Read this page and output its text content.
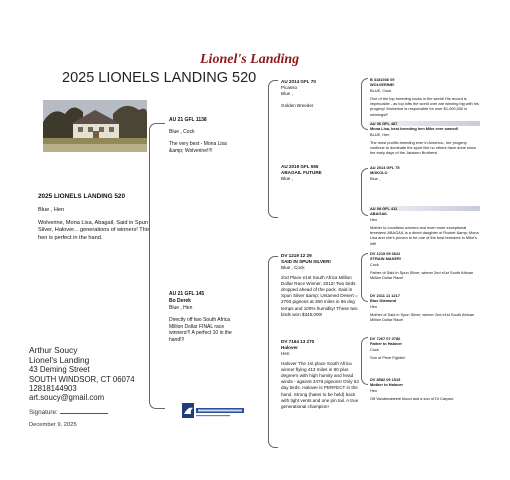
Lionel's Landing
2025 LIONELS LANDING 520
2025 LIONELS LANDING 520
Blue , Hen
Wolverine, Mona Lisa, Abagail, Said in Spun Silver, Halover... generations of winners! This hen is perfect in the hand.
AU 21 GFL 1138
Blue , Cock
The very best - Mona Lisa &amp; Wolverine!!!!
AU 21 GFL 145
Bo Derek
Blue , Hen
Directly off two South Africa Million Dollar FINAL race winners!!! A perfect 10 in the hand!!!
AU 2014 GFL 70
Picasso
Blue ,
Golden Breeder
AU 2019 GFL 555
ABAGAIL FUTURE
Blue ,
DV 1219 12 29
SAID IN SPUN SILVER!
Blue , Cock
2nd Place e1st South Africa Million Dollar Race Winner, 2012! Two birds dropped ahead of the pack. Said in Spun Silver &amp; Untamed Desert = 2793 pigeons at 360 miles in 96 deg temps and 100% humidity! These two birds won $345,000!
DV 7164 13 270
Halover
Hen
Halover The 1st place South Africa winner flying 413 miles in 90 plus degree's with high humity and head winds - against 3478 pigeons! Only 53 day birds. Halover is PERFECT in the hand. Strong (hates to be held) back with tight vents and one pin tail. A true generational champion!
B 3181936 09
WOLVERINE!
BLUE, Cock
One of the top breeding cocks in the world! His record is impeccable - as top lofts the world over are winning big with his progeny! Wolverine is responsible for over $1,000,000 in winnings!!!
AU 06 GFL 487
Mona Lisa, best breeding hen Mike ever owned!
BLUE, Hen
The most prolific breeding ever in America., her progeny continue to dominate the sport like no others have done since the early days of the Janssen Brothers!
AU 2014 GFL 75
MOKOLO
Blue ,
AU 08 GFL 411
ABAGAIL
Hen
Mother to countless winners and even more exceptional breeders! ABAGAIL is a direct daughter of Rocket &amp; Mona Lisa and she's proven to be one of the best breeders in Mike's loft!
DV 1219 05 0622
STRAIN MAKER!
Cock
Father of Said in Spun Silver, winner 2nd e1st South African Million Dollar Race!
DV 2311 11 1217
Blue Diamond
Hen
Mother of Said in Spun Silver, winner 2nd e1st South African Million Dollar Race!
DV 7267 07 0780
Father to Halover
Cock
Son of Prize Fighter!
DV 8582 09 1515
Mother to Halover
Hen
Off Vandenabeele blood and a son of Di Carpaci
Arthur Soucy
Lionel's Landing
43 Deming Street
SOUTH WINDSOR, CT 06074
12818144903
art.soucy@gmail.com
Signature:
December 9, 2025
